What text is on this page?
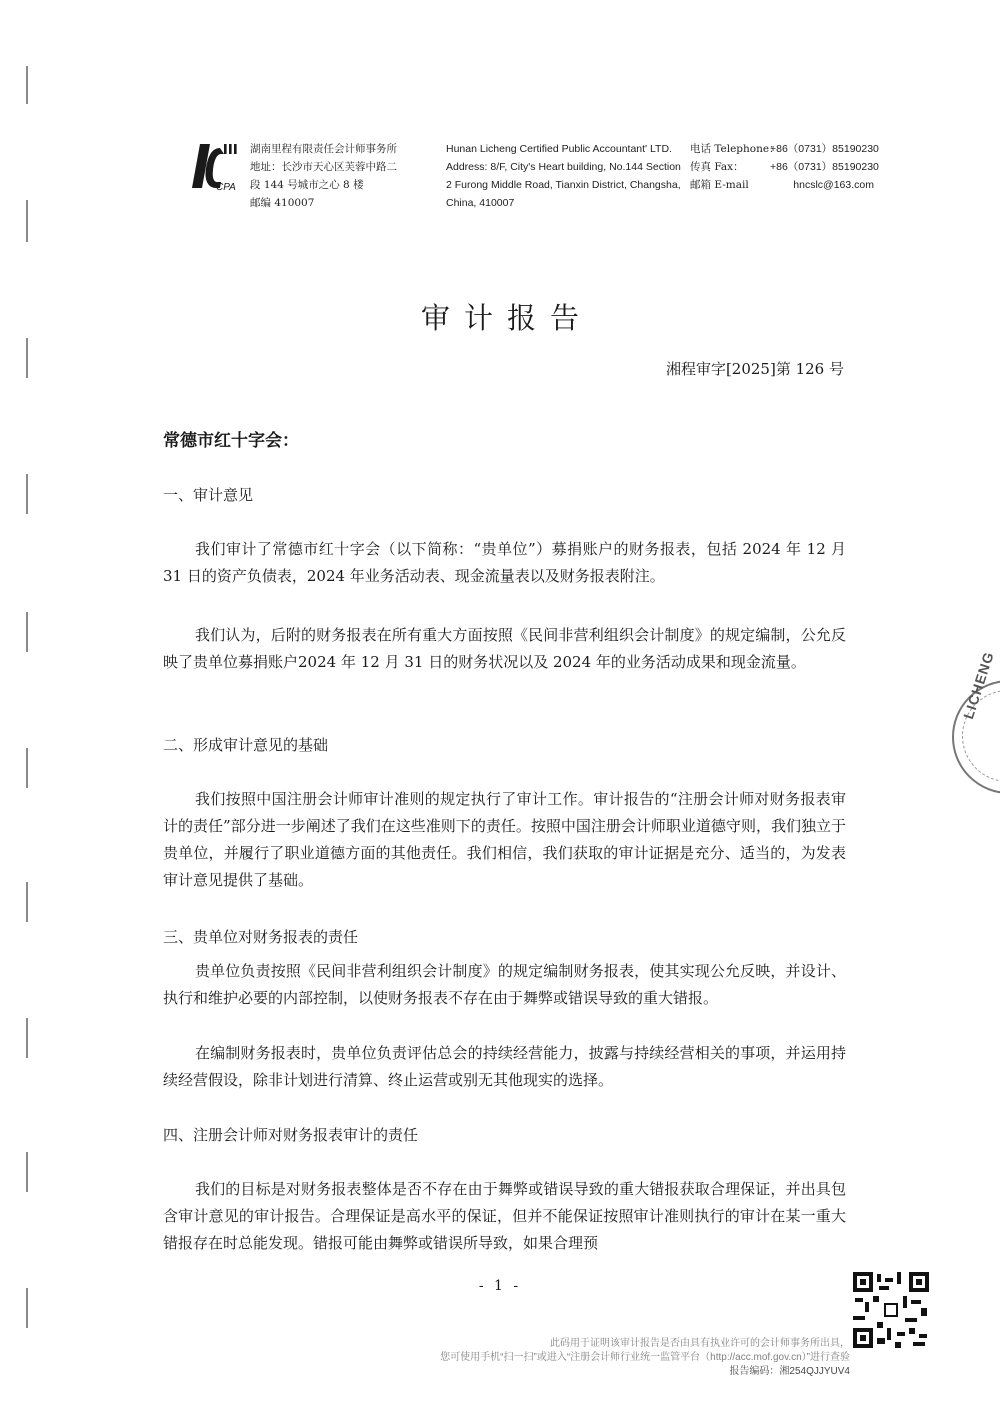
CPA
湖南里程有限责任会计师事务所
地址：长沙市天心区芙蓉中路二
段 144 号城市之心 8 楼
邮编 410007
Hunan Licheng Certified Public Accountant' LTD.
Address: 8/F, City's Heart building, No.144 Section
2 Furong Middle Road, Tianxin District, Changsha,
China, 410007
电话 Telephone：
传真 Fax：
邮箱 E-mail
+86（0731）85190230
+86（0731）85190230
hncslc@163.com
审计报告
湘程审字[2025]第 126 号
常德市红十字会：
一、审计意见
我们审计了常德市红十字会（以下简称：“贵单位”）募捐账户的财务报表，包括 2024 年 12 月 31 日的资产负债表，2024 年业务活动表、现金流量表以及财务报表附注。
我们认为，后附的财务报表在所有重大方面按照《民间非营利组织会计制度》的规定编制，公允反映了贵单位募捐账户2024 年 12 月 31 日的财务状况以及 2024 年的业务活动成果和现金流量。
二、形成审计意见的基础
我们按照中国注册会计师审计准则的规定执行了审计工作。审计报告的“注册会计师对财务报表审计的责任”部分进一步阐述了我们在这些准则下的责任。按照中国注册会计师职业道德守则，我们独立于贵单位，并履行了职业道德方面的其他责任。我们相信，我们获取的审计证据是充分、适当的，为发表审计意见提供了基础。
三、贵单位对财务报表的责任
贵单位负责按照《民间非营利组织会计制度》的规定编制财务报表，使其实现公允反映，并设计、执行和维护必要的内部控制，以使财务报表不存在由于舞弊或错误导致的重大错报。
在编制财务报表时，贵单位负责评估总会的持续经营能力，披露与持续经营相关的事项，并运用持续经营假设，除非计划进行清算、终止运营或别无其他现实的选择。
四、注册会计师对财务报表审计的责任
我们的目标是对财务报表整体是否不存在由于舞弊或错误导致的重大错报获取合理保证，并出具包含审计意见的审计报告。合理保证是高水平的保证，但并不能保证按照审计准则执行的审计在某一重大错报存在时总能发现。错报可能由舞弊或错误所导致，如果合理预
- 1 -
LICHENG
此码用于证明该审计报告是否由具有执业许可的会计师事务所出具，
您可使用手机“扫一扫”或进入“注册会计师行业统一监管平台（http://acc.mof.gov.cn）”进行查验
报告编码：湘254QJJYUV4
